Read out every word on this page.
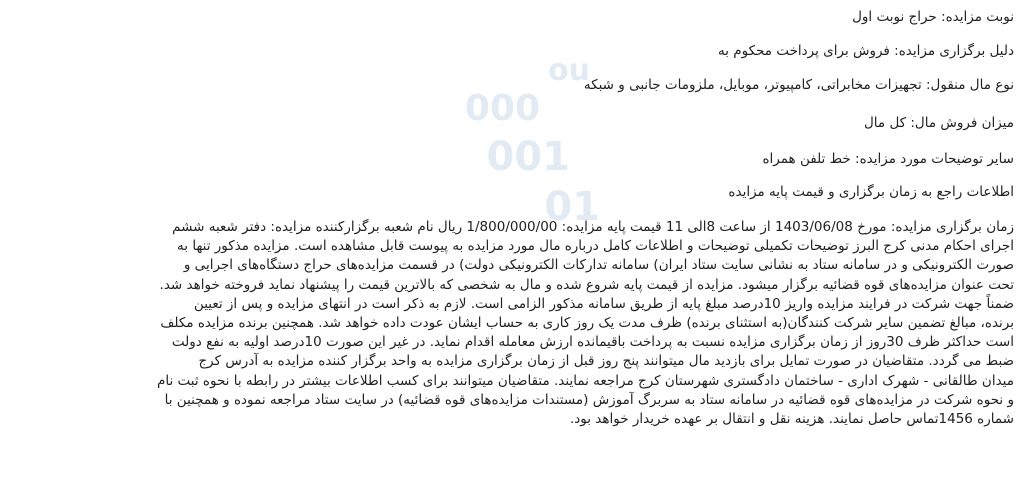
ou
000
001
01
نوبت مزایده: حراج نوبت اول
دلیل برگزاری مزایده: فروش برای پرداخت محکوم به
نوع مال منقول: تجهیزات مخابراتی، کامپیوتر، موبایل، ملزومات جانبی و شبکه
میزان فروش مال: کل مال
سایر توضیحات مورد مزایده: خط تلفن همراه
اطلاعات راجع به زمان برگزاری و قیمت پایه مزایده
زمان برگزاری مزایده: مورخ 1403/06/08 از ساعت 8الی 11 قیمت پایه مزایده: 1/800/000/00 ریال نام شعبه برگزارکننده مزایده: دفتر شعبه ششم
اجرای احکام مدنی کرج البرز توضیحات تکمیلی توضیحات و اطلاعات کامل درباره مال مورد مزایده به پیوست قابل مشاهده است. مزایده مذکور تنها به
صورت الکترونیکی و در سامانه ستاد به نشانی سایت ستاد ایران) سامانه تدارکات الکترونیکی دولت) در قسمت مزایده‌های حراج دستگاه‌های اجرایی و
تحت عنوان مزایده‌های قوه قضائیه برگزار میشود. مزایده از قیمت پایه شروع شده و مال به شخصی که بالاترین قیمت را پیشنهاد نماید فروخته خواهد شد.
ضمناً جهت شرکت در فرایند مزایده واریز 10درصد مبلغ پایه از طریق سامانه مذکور الزامی است. لازم به ذکر است در انتهای مزایده و پس از تعیین
برنده، مبالغ تضمین سایر شرکت کنندگان(به استثنای برنده) ظرف مدت یک روز کاری به حساب ایشان عودت داده خواهد شد. همچنین برنده مزایده مکلف
است حداکثر ظرف 30روز از زمان برگزاری مزایده نسبت به پرداخت باقیمانده ارزش معامله اقدام نماید. در غیر این صورت 10درصد اولیه به نفع دولت
ضبط می گردد. متقاضیان در صورت تمایل برای بازدید مال میتوانند پنج روز قبل از زمان برگزاری مزایده به واحد برگزار کننده مزایده به آدرس کرج
میدان طالقانی - شهرک اداری - ساختمان دادگستری شهرستان کرج مراجعه نمایند. متقاضیان میتوانند برای کسب اطلاعات بیشتر در رابطه با نحوه ثبت نام
و نحوه شرکت در مزایده‌های قوه قضائیه در سامانه ستاد به سربرگ آموزش (مستندات مزایده‌های قوه قضائیه) در سایت ستاد مراجعه نموده و همچنین با
شماره 1456تماس حاصل نمایند. هزینه نقل و انتقال بر عهده خریدار خواهد بود.
